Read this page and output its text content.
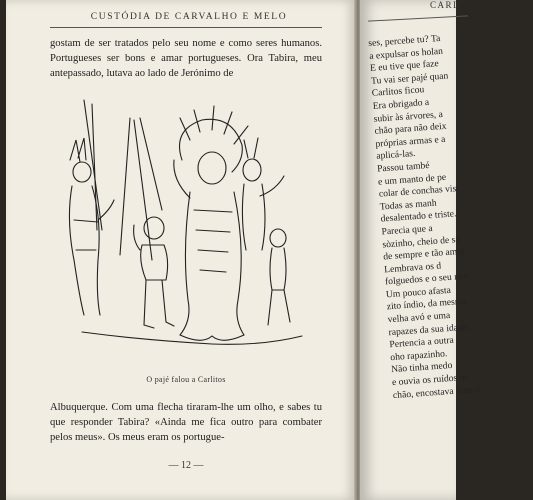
CUSTÓDIA DE CARVALHO E MELO

gostam de ser tratados pelo seu nome e como seres humanos. Portugueses ser bons e amar portugueses. Ora Tabira, meu antepassado, lutava ao lado de Jerónimo de

O pajé falou a Carlitos

Albuquerque. Com uma flecha tiraram-lhe um olho, e sabes tu que responder Tabira? «Ainda me fica outro para combater pelos meus». Os meus eram os portugue-

— 12 —
CARL
ses, percebe tu? Ta
a expulsar os holan
E eu tive que faze
Tu vai ser pajé quan
Carlitos ficou
Era obrigado a
subir às árvores, a
chão para não deix
próprias armas e a
aplicá-las.
Passou també
e um manto de pe
colar de conchas vist
Todas as manh
desalentado e triste.
Parecia que a
sòzinho, cheio de sa
de sempre e tão amig
Lembrava os d
folguedos e o seu riso
Um pouco afasta
zito índio, da mesma
velha avó e uma
rapazes da sua idade.
Pertencia a outra
oho rapazinho.
Não tinha medo
e ouvia os ruídos m
chão, encostava o ouvi
